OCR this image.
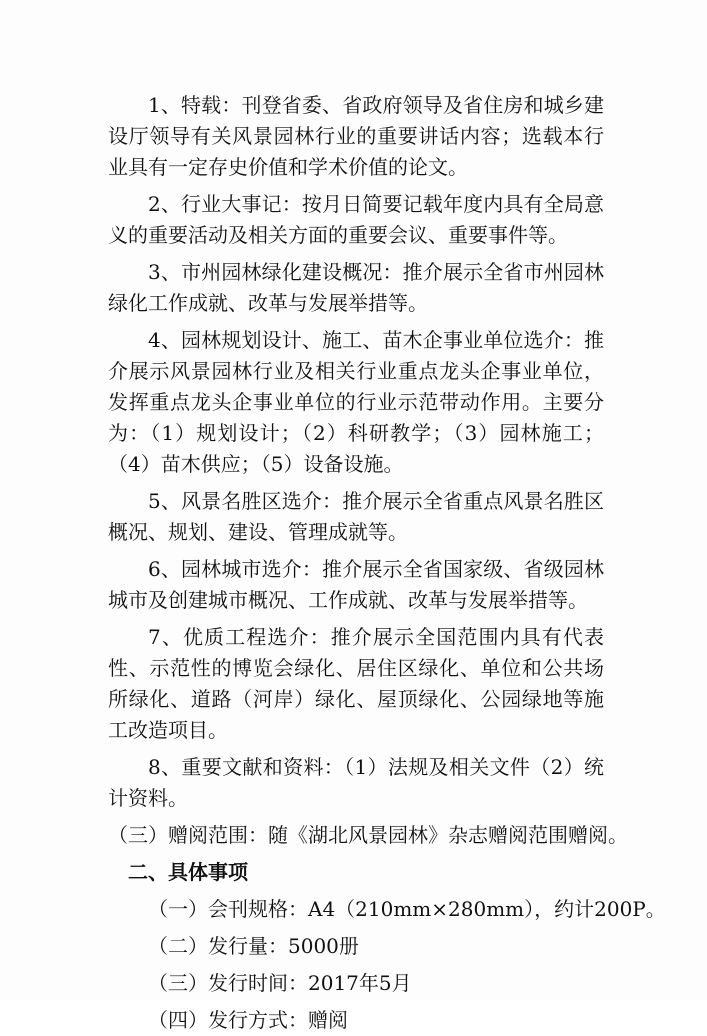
1、特载：刊登省委、省政府领导及省住房和城乡建设厅领导有关风景园林行业的重要讲话内容；选载本行业具有一定存史价值和学术价值的论文。

2、行业大事记：按月日简要记载年度内具有全局意义的重要活动及相关方面的重要会议、重要事件等。

3、市州园林绿化建设概况：推介展示全省市州园林绿化工作成就、改革与发展举措等。

4、园林规划设计、施工、苗木企事业单位选介：推介展示风景园林行业及相关行业重点龙头企事业单位，发挥重点龙头企事业单位的行业示范带动作用。主要分为：（1）规划设计；（2）科研教学；（3）园林施工；（4）苗木供应；（5）设备设施。

5、风景名胜区选介：推介展示全省重点风景名胜区概况、规划、建设、管理成就等。

6、园林城市选介：推介展示全省国家级、省级园林城市及创建城市概况、工作成就、改革与发展举措等。

7、优质工程选介：推介展示全国范围内具有代表性、示范性的博览会绿化、居住区绿化、单位和公共场所绿化、道路（河岸）绿化、屋顶绿化、公园绿地等施工改造项目。

8、重要文献和资料：（1）法规及相关文件（2）统计资料。

（三）赠阅范围：随《湖北风景园林》杂志赠阅范围赠阅。

二、具体事项

（一）会刊规格：A4（210mm×280mm），约计200P。

（二）发行量：5000册

（三）发行时间：2017年5月

（四）发行方式：赠阅
